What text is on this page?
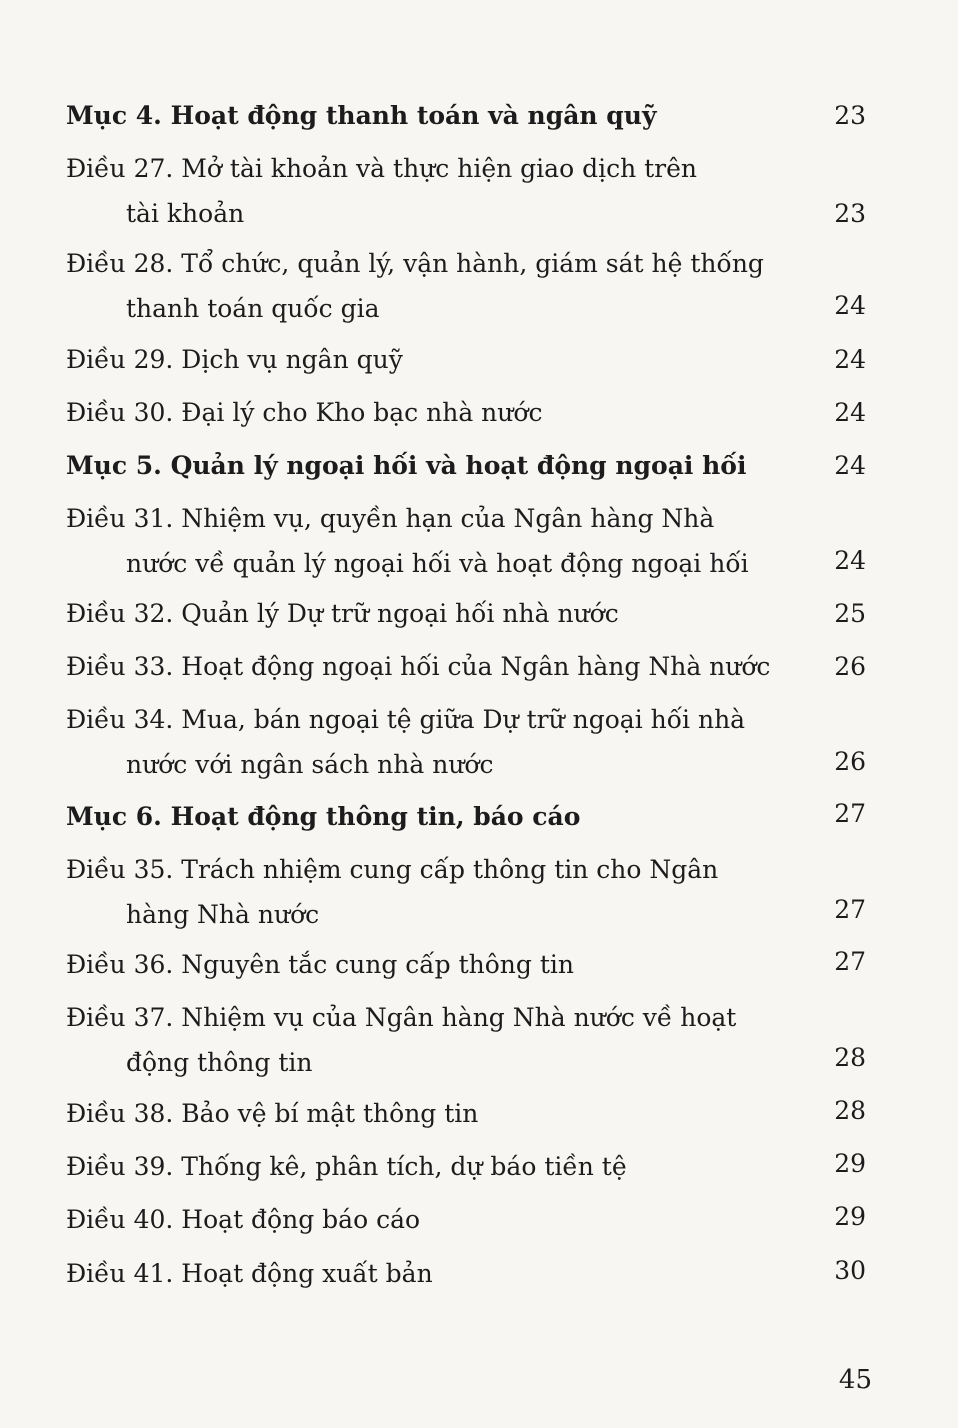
Mục 4. Hoạt động thanh toán và ngân quỹ	23
Điều 27. Mở tài khoản và thực hiện giao dịch trên
tài khoản	23
Điều 28. Tổ chức, quản lý, vận hành, giám sát hệ thống
thanh toán quốc gia	24
Điều 29. Dịch vụ ngân quỹ	24
Điều 30. Đại lý cho Kho bạc nhà nước	24
Mục 5. Quản lý ngoại hối và hoạt động ngoại hối	24
Điều 31. Nhiệm vụ, quyền hạn của Ngân hàng Nhà
nước về quản lý ngoại hối và hoạt động ngoại hối	24
Điều 32. Quản lý Dự trữ ngoại hối nhà nước	25
Điều 33. Hoạt động ngoại hối của Ngân hàng Nhà nước	26
Điều 34. Mua, bán ngoại tệ giữa Dự trữ ngoại hối nhà
nước với ngân sách nhà nước	26
Mục 6. Hoạt động thông tin, báo cáo	27
Điều 35. Trách nhiệm cung cấp thông tin cho Ngân
hàng Nhà nước	27
Điều 36. Nguyên tắc cung cấp thông tin	27
Điều 37. Nhiệm vụ của Ngân hàng Nhà nước về hoạt
động thông tin	28
Điều 38. Bảo vệ bí mật thông tin	28
Điều 39. Thống kê, phân tích, dự báo tiền tệ	29
Điều 40. Hoạt động báo cáo	29
Điều 41. Hoạt động xuất bản	30
45
